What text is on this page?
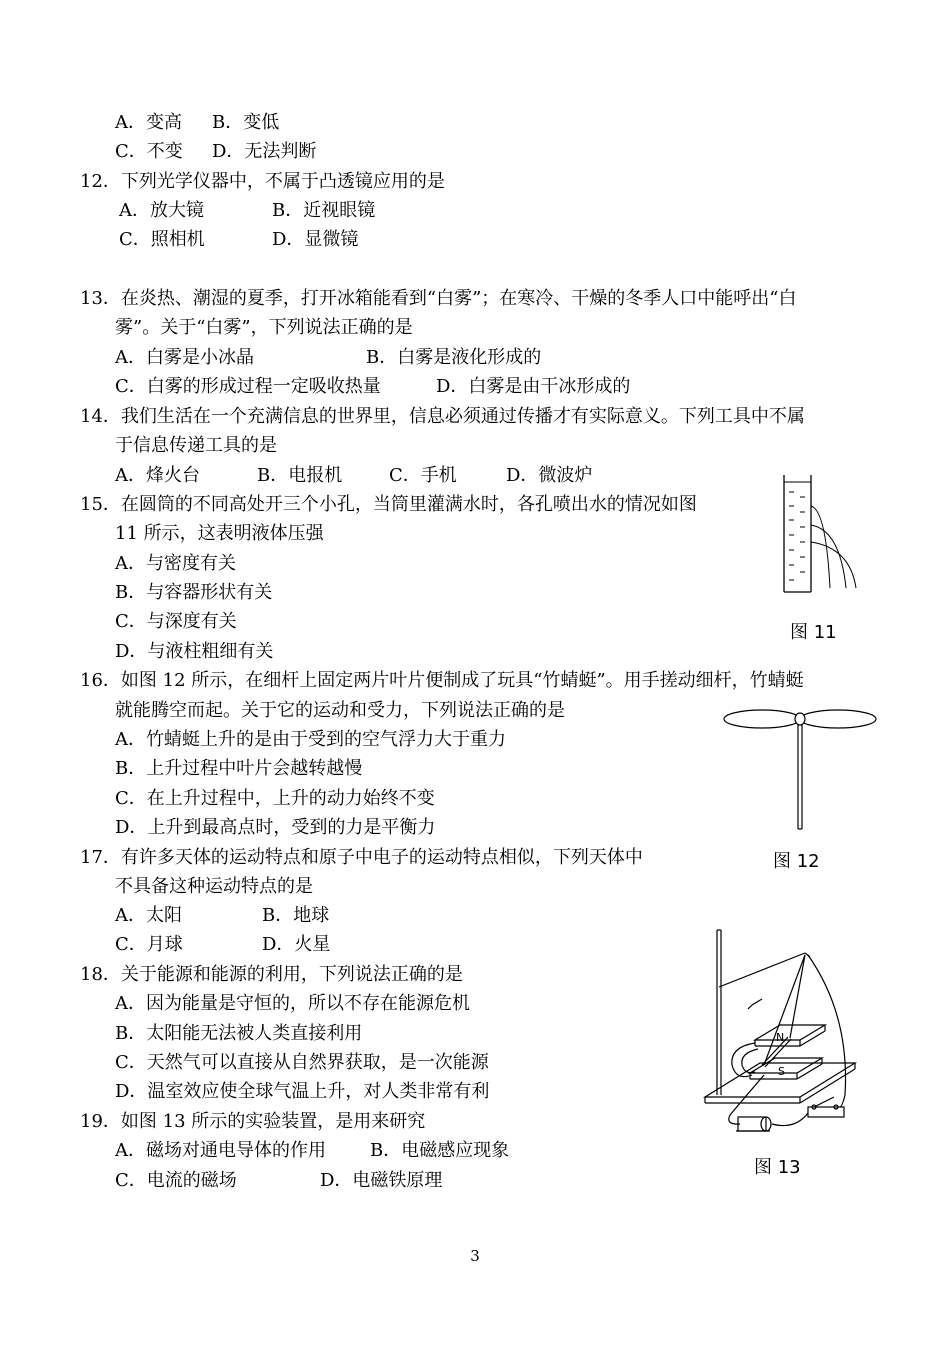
A．变高 B．变低
C．不变 D．无法判断
12．下列光学仪器中，不属于凸透镜应用的是
A．放大镜	B．近视眼镜
C．照相机	D．显微镜
13．在炎热、潮湿的夏季，打开冰箱能看到“白雾”；在寒冷、干燥的冬季人口中能呼出“白
雾”。关于“白雾”，下列说法正确的是
A．白雾是小冰晶	B．白雾是液化形成的
C．白雾的形成过程一定吸收热量	D．白雾是由干冰形成的
14．我们生活在一个充满信息的世界里，信息必须通过传播才有实际意义。下列工具中不属
于信息传递工具的是
A．烽火台	B．电报机	C．手机	D．微波炉
15．在圆筒的不同高处开三个小孔，当筒里灌满水时，各孔喷出水的情况如图
11 所示，这表明液体压强
A．与密度有关
B．与容器形状有关
C．与深度有关
D．与液柱粗细有关
图 11
16．如图 12 所示，在细杆上固定两片叶片便制成了玩具“竹蜻蜓”。用手搓动细杆，竹蜻蜓
就能腾空而起。关于它的运动和受力，下列说法正确的是
A．竹蜻蜓上升的是由于受到的空气浮力大于重力
B．上升过程中叶片会越转越慢
C．在上升过程中，上升的动力始终不变
D．上升到最高点时，受到的力是平衡力
图 12
17．有许多天体的运动特点和原子中电子的运动特点相似，下列天体中
不具备这种运动特点的是
A．太阳	B．地球
C．月球	D．火星
18．关于能源和能源的利用，下列说法正确的是
A．因为能量是守恒的，所以不存在能源危机
B．太阳能无法被人类直接利用
C．天然气可以直接从自然界获取，是一次能源
D．温室效应使全球气温上升，对人类非常有利
19．如图 13 所示的实验装置，是用来研究
A．磁场对通电导体的作用 B．电磁感应现象
C．电流的磁场	D．电磁铁原理
N
S
图 13
3
